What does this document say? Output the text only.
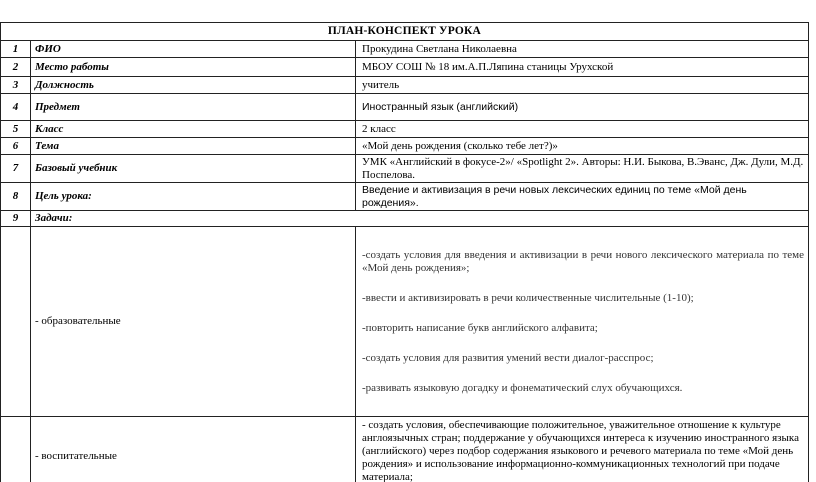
ПЛАН-КОНСПЕКТ УРОКА		
1	ФИО	Прокудина Светлана Николаевна
2	Место работы	МБОУ СОШ № 18 им.А.П.Ляпина станицы Урухской
3	Должность	учитель
4	Предмет	Иностранный язык (английский)
5	Класс	2 класс
6	Тема	«Мой день рождения (сколько тебе лет?)»
7	Базовый учебник	УМК «Английский в фокусе-2»/ «Spotlight 2». Авторы: Н.И. Быкова, В.Эванс, Дж. Дули, М.Д. Поспелова.
8	Цель урока:	Введение и активизация в речи новых лексических единиц по теме «Мой день рождения».
9	Задачи:	
	- образовательные	-создать условия для введения и активизации в речи нового лексического материала по теме «Мой день рождения»;

-ввести и активизировать в речи количественные числительные (1-10);

-повторить написание букв английского алфавита;

-создать условия для развития умений вести диалог-расспрос;

-развивать языковую догадку и фонематический слух обучающихся.

	- воспитательные	- создать условия, обеспечивающие положительное, уважительное отношение к культуре англоязычных стран; поддержание у обучающихся интереса к изучению иностранного языка (английского) через подбор содержания языкового и речевого материала по теме «Мой день рождения» и использование информационно-коммуникационных технологий при подаче материала;
